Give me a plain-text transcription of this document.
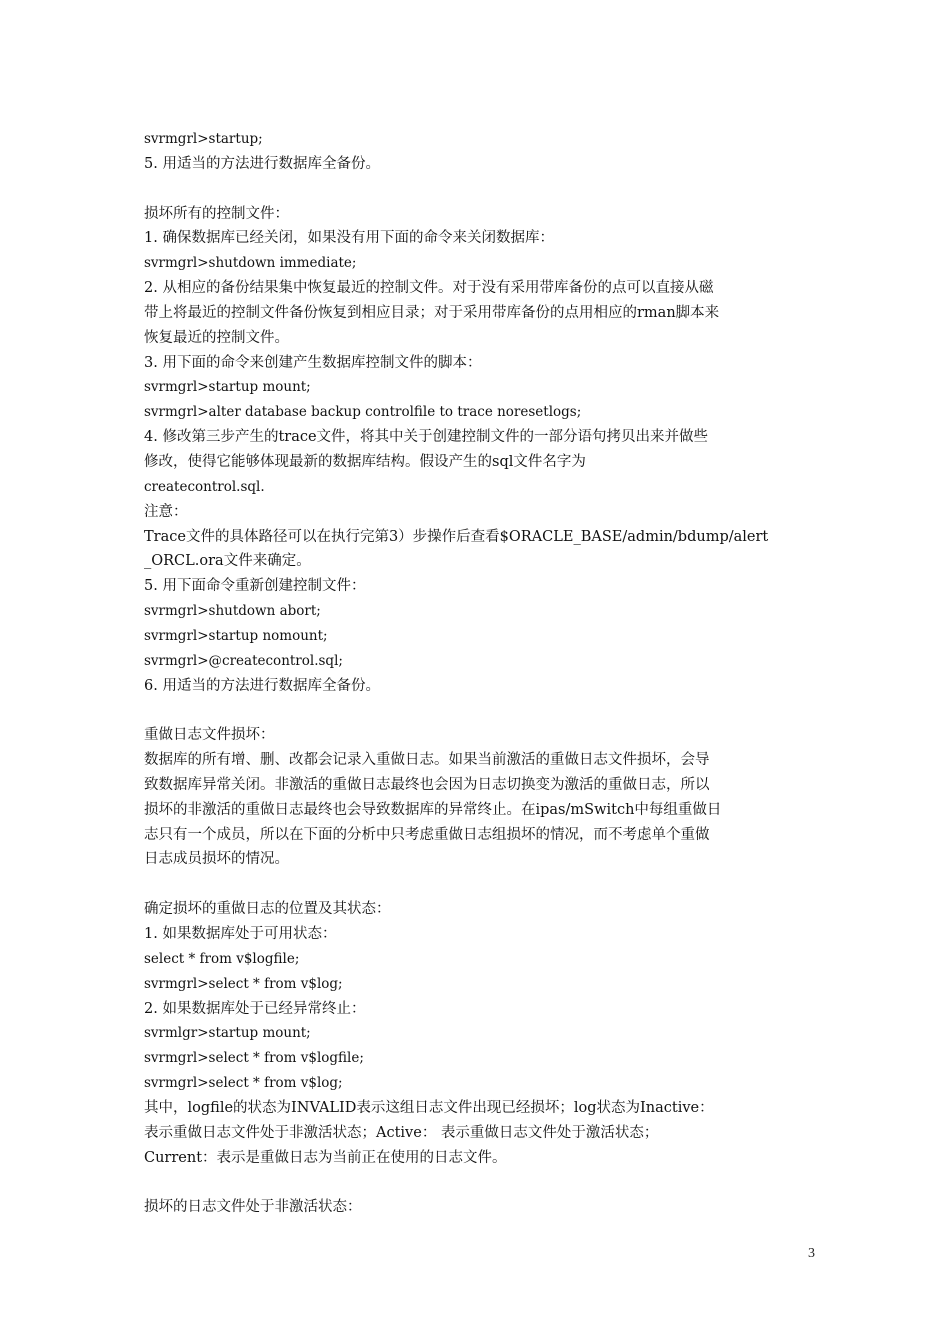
svrmgrl>startup;
5. 用适当的方法进行数据库全备份。
损坏所有的控制文件：
1. 确保数据库已经关闭，如果没有用下面的命令来关闭数据库：
svrmgrl>shutdown immediate;
2. 从相应的备份结果集中恢复最近的控制文件。对于没有采用带库备份的点可以直接从磁
带上将最近的控制文件备份恢复到相应目录；对于采用带库备份的点用相应的rman脚本来
恢复最近的控制文件。
3. 用下面的命令来创建产生数据库控制文件的脚本：
svrmgrl>startup mount;
svrmgrl>alter database backup controlfile to trace noresetlogs;
4. 修改第三步产生的trace文件，将其中关于创建控制文件的一部分语句拷贝出来并做些
修改，使得它能够体现最新的数据库结构。假设产生的sql文件名字为
createcontrol.sql.
注意：
Trace文件的具体路径可以在执行完第3）步操作后查看$ORACLE_BASE/admin/bdump/alert
_ORCL.ora文件来确定。
5. 用下面命令重新创建控制文件：
svrmgrl>shutdown abort;
svrmgrl>startup nomount;
svrmgrl>@createcontrol.sql;
6. 用适当的方法进行数据库全备份。
重做日志文件损坏：
数据库的所有增、删、改都会记录入重做日志。如果当前激活的重做日志文件损坏，会导
致数据库异常关闭。非激活的重做日志最终也会因为日志切换变为激活的重做日志，所以
损坏的非激活的重做日志最终也会导致数据库的异常终止。在ipas/mSwitch中每组重做日
志只有一个成员，所以在下面的分析中只考虑重做日志组损坏的情况，而不考虑单个重做
日志成员损坏的情况。
确定损坏的重做日志的位置及其状态：
1. 如果数据库处于可用状态：
select * from v$logfile;
svrmgrl>select * from v$log;
2. 如果数据库处于已经异常终止：
svrmlgr>startup mount;
svrmgrl>select * from v$logfile;
svrmgrl>select * from v$log;
其中，logfile的状态为INVALID表示这组日志文件出现已经损坏；log状态为Inactive：
表示重做日志文件处于非激活状态；Active： 表示重做日志文件处于激活状态；
Current：表示是重做日志为当前正在使用的日志文件。
损坏的日志文件处于非激活状态：
3
